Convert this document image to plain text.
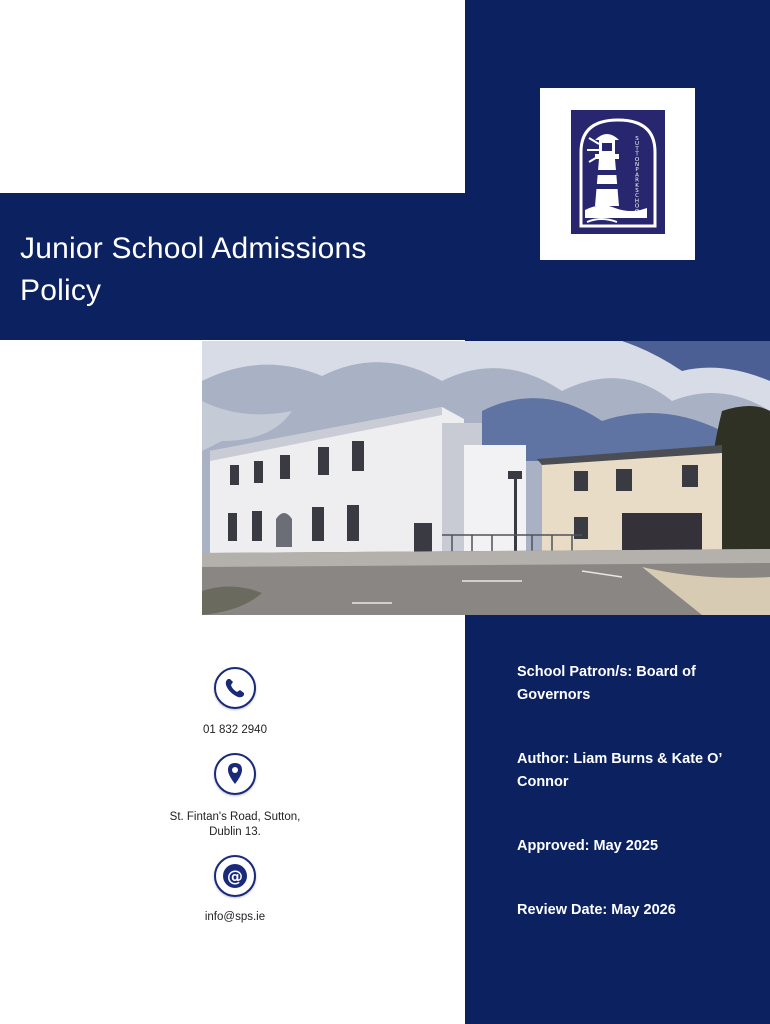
Junior School Admissions Policy
S
U
T
T
O
N
P
A
R
K
S
C
H
O
O
L
01 832 2940
St. Fintan's Road, Sutton,
Dublin 13.
@
info@sps.ie
School Patron/s: Board of Governors
Author: Liam Burns & Kate O’ Connor
Approved: May 2025
Review Date: May 2026
